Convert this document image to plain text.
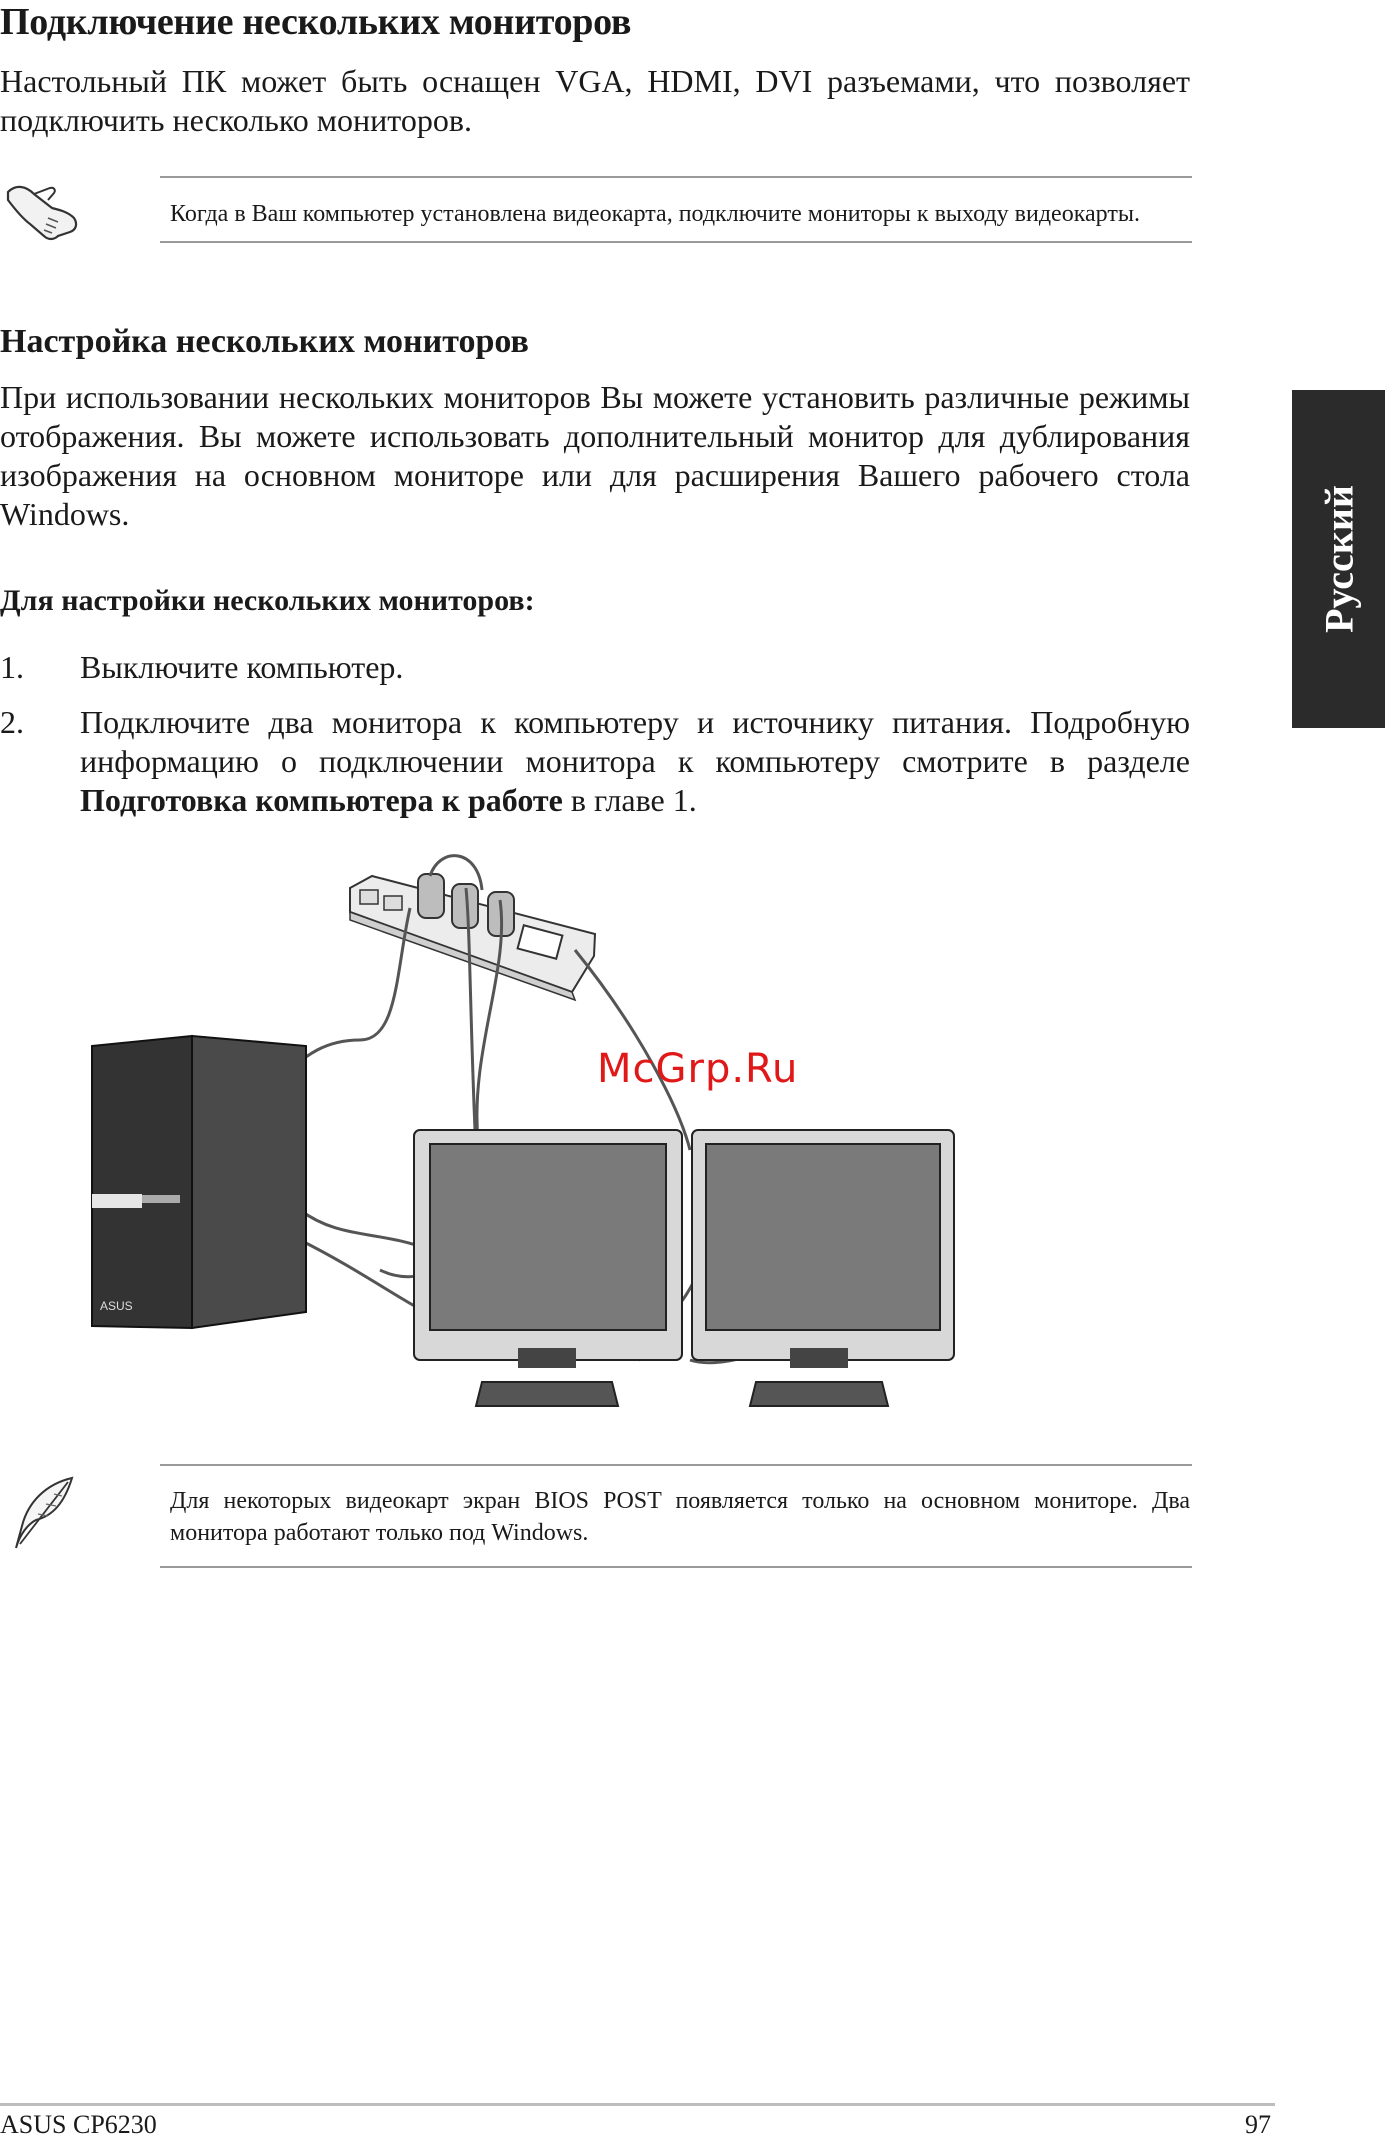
Подключение нескольких мониторов

Настольный ПК может быть оснащен VGA, HDMI, DVI разъемами, что позволяет подключить несколько мониторов.

Когда в Ваш компьютер установлена видеокарта, подключите мониторы к выходу видеокарты.

Настройка нескольких мониторов

При использовании нескольких мониторов Вы можете установить различные режимы отображения. Вы можете использовать дополнительный монитор для дублирования изображения на основном мониторе или для расширения Вашего рабочего стола Windows.

Для настройки нескольких мониторов:
1. Выключите компьютер.

2. Подключите два монитора к компьютеру и источнику питания. Подробную информацию о подключении монитора к компьютеру смотрите в разделе Подготовка компьютера к работе в главе 1.

ASUS
McGrp.Ru

Для некоторых видеокарт экран BIOS POST появляется только на основном мониторе. Два монитора работают только под Windows.

Русский
ASUS CP6230	97
